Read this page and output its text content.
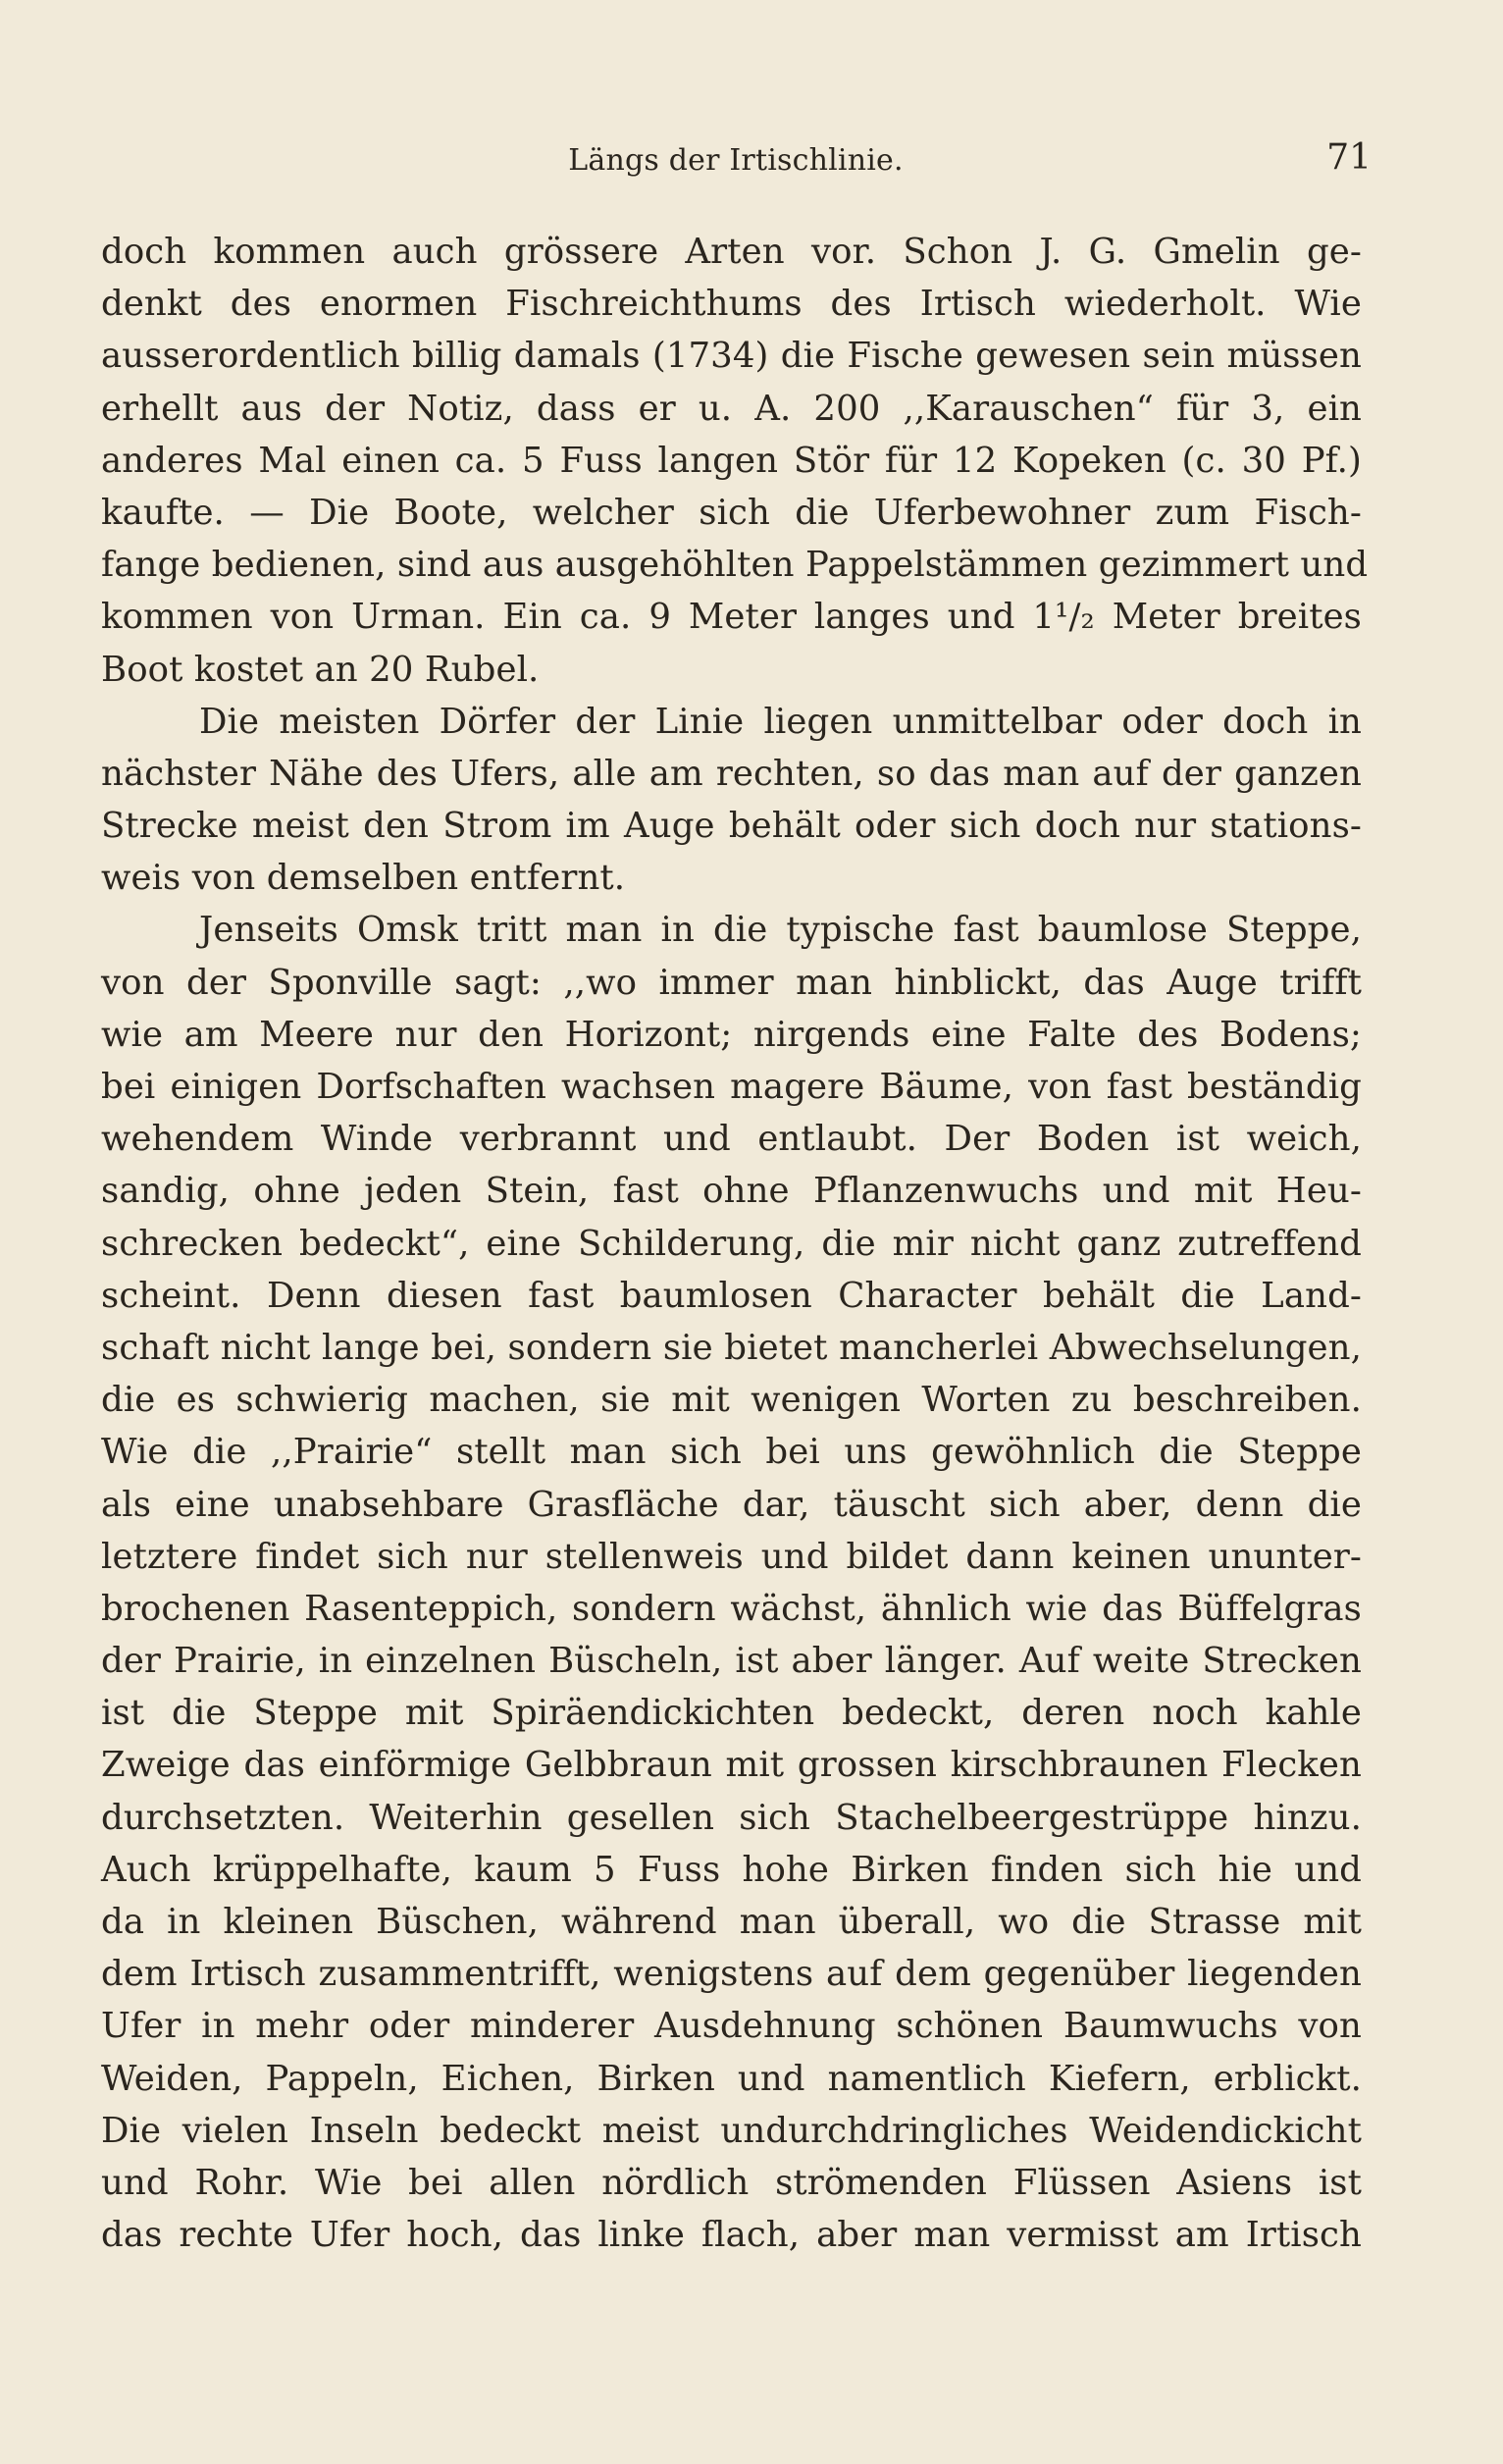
Längs der Irtischlinie.	71
doch kommen auch grössere Arten vor. Schon J. G. Gmelin ge-
denkt des enormen Fischreichthums des Irtisch wiederholt. Wie
ausserordentlich billig damals (1734) die Fische gewesen sein müssen
erhellt aus der Notiz, dass er u. A. 200 ,,Karauschen“ für 3, ein
anderes Mal einen ca. 5 Fuss langen Stör für 12 Kopeken (c. 30 Pf.)
kaufte. — Die Boote, welcher sich die Uferbewohner zum Fisch-
fange bedienen, sind aus ausgehöhlten Pappelstämmen gezimmert und
kommen von Urman. Ein ca. 9 Meter langes und 1¹/₂ Meter breites
Boot kostet an 20 Rubel.
Die meisten Dörfer der Linie liegen unmittelbar oder doch in
nächster Nähe des Ufers, alle am rechten, so das man auf der ganzen
Strecke meist den Strom im Auge behält oder sich doch nur stations-
weis von demselben entfernt.
Jenseits Omsk tritt man in die typische fast baumlose Steppe,
von der Sponville sagt: ,,wo immer man hinblickt, das Auge trifft
wie am Meere nur den Horizont; nirgends eine Falte des Bodens;
bei einigen Dorfschaften wachsen magere Bäume, von fast beständig
wehendem Winde verbrannt und entlaubt. Der Boden ist weich,
sandig, ohne jeden Stein, fast ohne Pflanzenwuchs und mit Heu-
schrecken bedeckt“, eine Schilderung, die mir nicht ganz zutreffend
scheint. Denn diesen fast baumlosen Character behält die Land-
schaft nicht lange bei, sondern sie bietet mancherlei Abwechselungen,
die es schwierig machen, sie mit wenigen Worten zu beschreiben.
Wie die ,,Prairie“ stellt man sich bei uns gewöhnlich die Steppe
als eine unabsehbare Grasfläche dar, täuscht sich aber, denn die
letztere findet sich nur stellenweis und bildet dann keinen ununter-
brochenen Rasenteppich, sondern wächst, ähnlich wie das Büffelgras
der Prairie, in einzelnen Büscheln, ist aber länger. Auf weite Strecken
ist die Steppe mit Spiräendickichten bedeckt, deren noch kahle
Zweige das einförmige Gelbbraun mit grossen kirschbraunen Flecken
durchsetzten. Weiterhin gesellen sich Stachelbeergestrüppe hinzu.
Auch krüppelhafte, kaum 5 Fuss hohe Birken finden sich hie und
da in kleinen Büschen, während man überall, wo die Strasse mit
dem Irtisch zusammentrifft, wenigstens auf dem gegenüber liegenden
Ufer in mehr oder minderer Ausdehnung schönen Baumwuchs von
Weiden, Pappeln, Eichen, Birken und namentlich Kiefern, erblickt.
Die vielen Inseln bedeckt meist undurchdringliches Weidendickicht
und Rohr. Wie bei allen nördlich strömenden Flüssen Asiens ist
das rechte Ufer hoch, das linke flach, aber man vermisst am Irtisch
